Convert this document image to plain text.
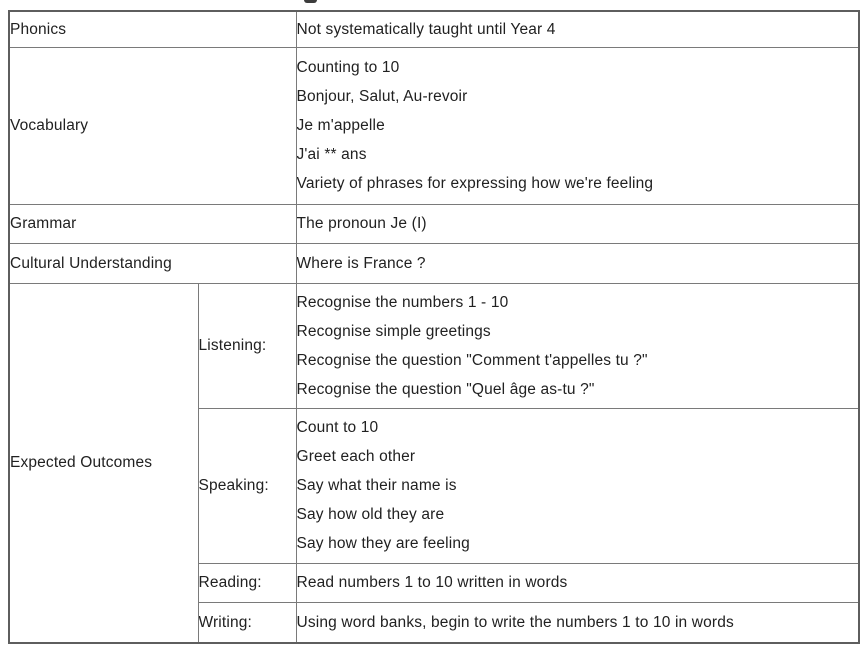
Phonics		Not systematically taught until Year 4

Vocabulary		Counting to 10
Bonjour, Salut, Au-revoir
Je m'appelle
J'ai ** ans
Variety of phrases for expressing how we're feeling

Grammar		The pronoun Je (I)

Cultural Understanding		Where is France ?

Expected Outcomes	Listening:	Recognise the numbers 1 - 10
Recognise simple greetings
Recognise the question "Comment t'appelles tu ?"
Recognise the question "Quel âge as-tu ?"

	Speaking:	Count to 10
Greet each other
Say what their name is
Say how old they are
Say how they are feeling

	Reading:	Read numbers 1 to 10 written in words

	Writing:	Using word banks, begin to write the numbers 1 to 10 in words
